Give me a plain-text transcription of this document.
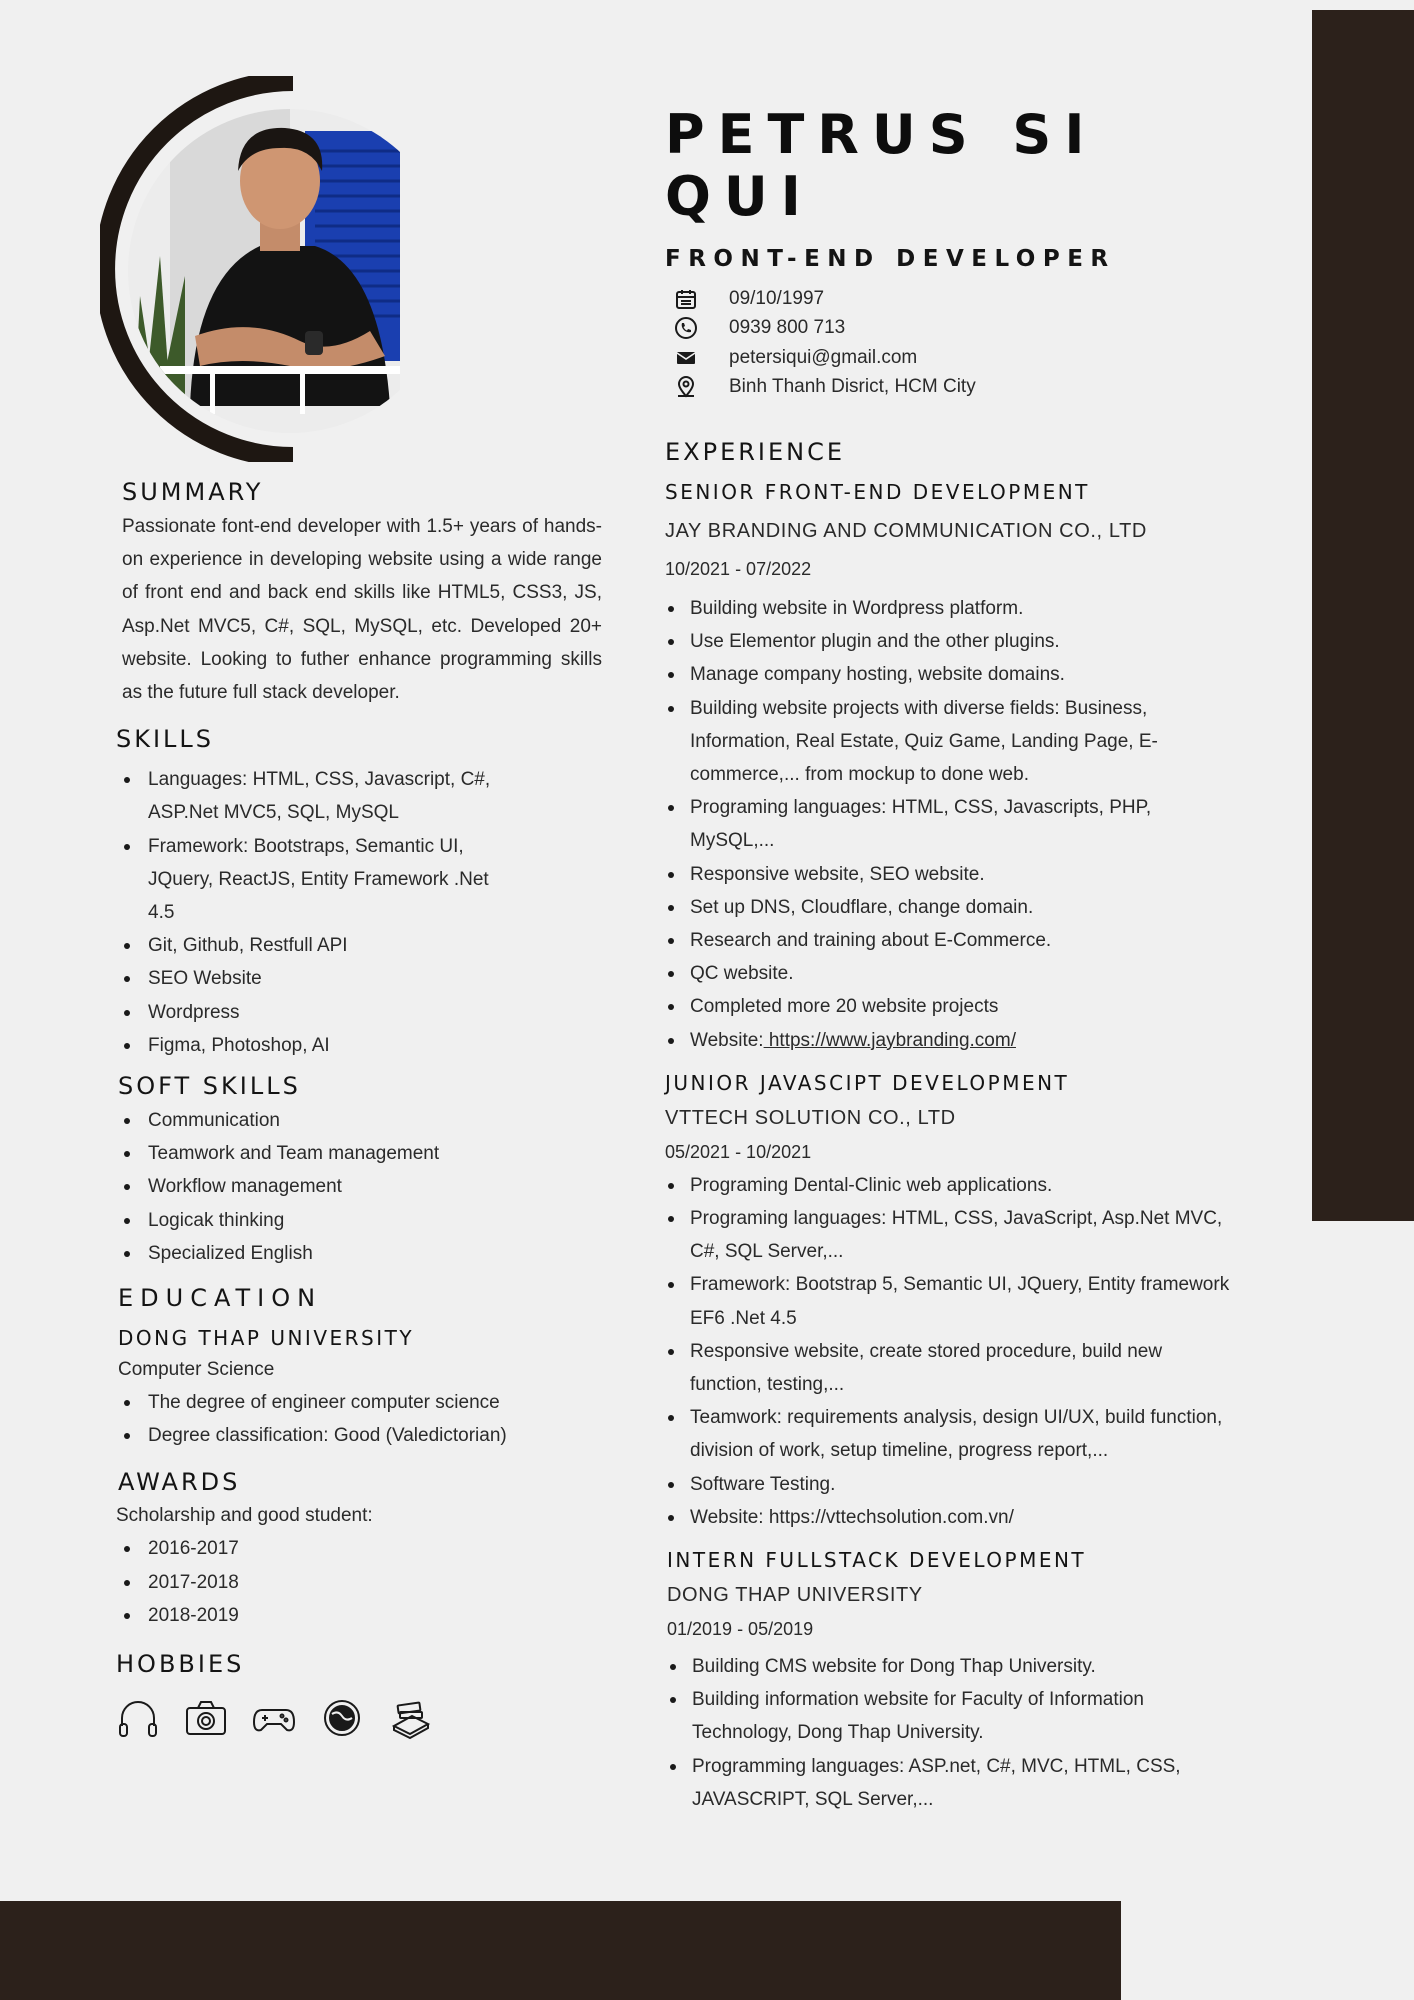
SUMMARY

Passionate font-end developer with 1.5+ years of hands-on experience in developing website using a wide range of front end and back end skills like HTML5, CSS3, JS, Asp.Net MVC5, C#, SQL, MySQL, etc. Developed 20+ website. Looking to futher enhance programming skills as the future full stack developer.

SKILLS
Languages: HTML, CSS, Javascript, C#, ASP.Net MVC5, SQL, MySQL
Framework: Bootstraps, Semantic UI, JQuery, ReactJS, Entity Framework .Net 4.5
Git, Github, Restfull API
SEO Website
Wordpress
Figma, Photoshop, AI
SOFT SKILLS
Communication
Teamwork and Team management
Workflow management
Logicak thinking
Specialized English
EDUCATION
DONG THAP UNIVERSITY
Computer Science
The degree of engineer computer science
Degree classification: Good (Valedictorian)
AWARDS
Scholarship and good student:
2016-2017
2017-2018
2018-2019
HOBBIES
PETRUS SI QUI
FRONT-END DEVELOPER
09/10/1997
0939 800 713
petersiqui@gmail.com
Binh Thanh Disrict, HCM City
EXPERIENCE
SENIOR FRONT-END DEVELOPMENT
JAY BRANDING AND COMMUNICATION CO., LTD
10/2021 - 07/2022
Building website in Wordpress platform.
Use Elementor plugin and the other plugins.
Manage company hosting, website domains.
Building website projects with diverse fields: Business, Information, Real Estate, Quiz Game, Landing Page, E-commerce,... from mockup to done web.
Programing languages: HTML, CSS, Javascripts, PHP, MySQL,...
Responsive website, SEO website.
Set up DNS, Cloudflare, change domain.
Research and training about E-Commerce.
QC website.
Completed more 20 website projects
Website: https://www.jaybranding.com/
JUNIOR JAVASCIPT DEVELOPMENT
VTTECH SOLUTION CO., LTD
05/2021 - 10/2021
Programing Dental-Clinic web applications.
Programing languages: HTML, CSS, JavaScript, Asp.Net MVC, C#, SQL Server,...
Framework: Bootstrap 5, Semantic UI, JQuery, Entity framework EF6 .Net 4.5
Responsive website, create stored procedure, build new function, testing,...
Teamwork: requirements analysis, design UI/UX, build function, division of work, setup timeline, progress report,...
Software Testing.
Website: https://vttechsolution.com.vn/
INTERN FULLSTACK DEVELOPMENT
DONG THAP UNIVERSITY
01/2019 - 05/2019
Building CMS website for Dong Thap University.
Building information website for Faculty of Information Technology, Dong Thap University.
Programming languages: ASP.net, C#, MVC, HTML, CSS, JAVASCRIPT, SQL Server,...
